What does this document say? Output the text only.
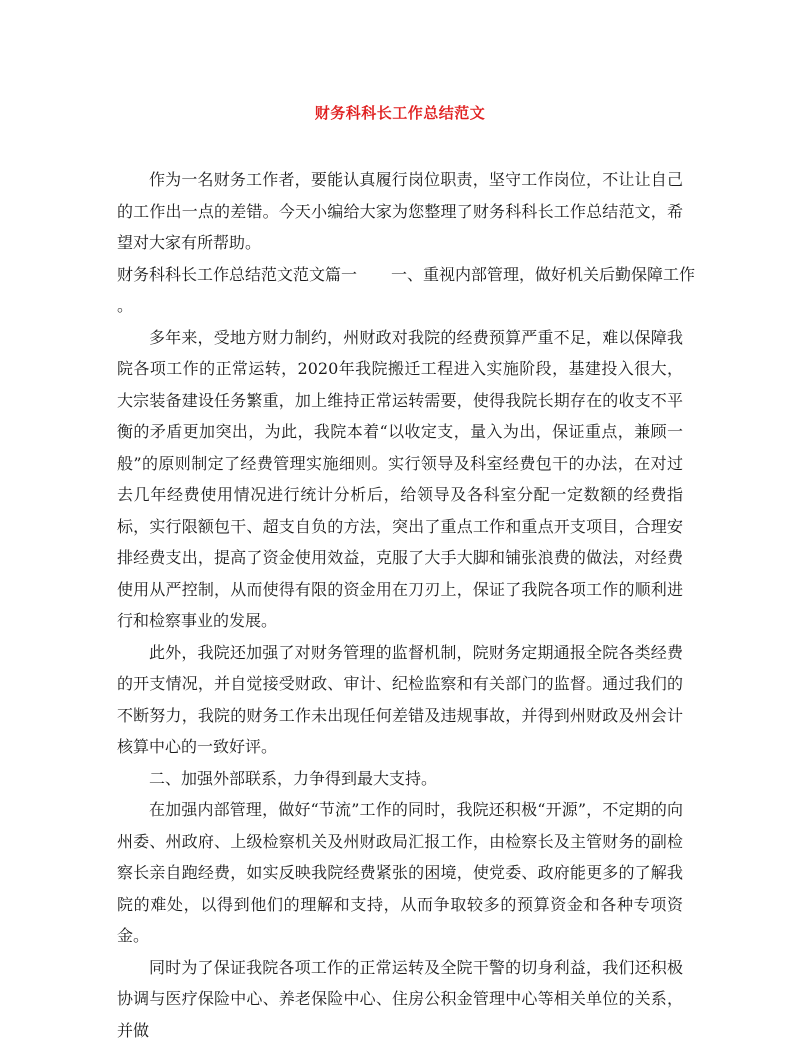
财务科科长工作总结范文

作为一名财务工作者，要能认真履行岗位职责，坚守工作岗位，不让让自己的工作出一点的差错。今天小编给大家为您整理了财务科科长工作总结范文，希望对大家有所帮助。

财务科科长工作总结范文范文篇一 一、重视内部管理，做好机关后勤保障工作

。

多年来，受地方财力制约，州财政对我院的经费预算严重不足，难以保障我院各项工作的正常运转，2020年我院搬迁工程进入实施阶段，基建投入很大，大宗装备建设任务繁重，加上维持正常运转需要，使得我院长期存在的收支不平衡的矛盾更加突出，为此，我院本着“以收定支，量入为出，保证重点，兼顾一般”的原则制定了经费管理实施细则。实行领导及科室经费包干的办法，在对过去几年经费使用情况进行统计分析后，给领导及各科室分配一定数额的经费指标，实行限额包干、超支自负的方法，突出了重点工作和重点开支项目，合理安排经费支出，提高了资金使用效益，克服了大手大脚和铺张浪费的做法，对经费使用从严控制，从而使得有限的资金用在刀刃上，保证了我院各项工作的顺利进行和检察事业的发展。

此外，我院还加强了对财务管理的监督机制，院财务定期通报全院各类经费的开支情况，并自觉接受财政、审计、纪检监察和有关部门的监督。通过我们的不断努力，我院的财务工作未出现任何差错及违规事故，并得到州财政及州会计核算中心的一致好评。

二、加强外部联系，力争得到最大支持。

在加强内部管理，做好“节流”工作的同时，我院还积极“开源”，不定期的向州委、州政府、上级检察机关及州财政局汇报工作，由检察长及主管财务的副检察长亲自跑经费，如实反映我院经费紧张的困境，使党委、政府能更多的了解我院的难处，以得到他们的理解和支持，从而争取较多的预算资金和各种专项资金。

同时为了保证我院各项工作的正常运转及全院干警的切身利益，我们还积极协调与医疗保险中心、养老保险中心、住房公积金管理中心等相关单位的关系，并做
